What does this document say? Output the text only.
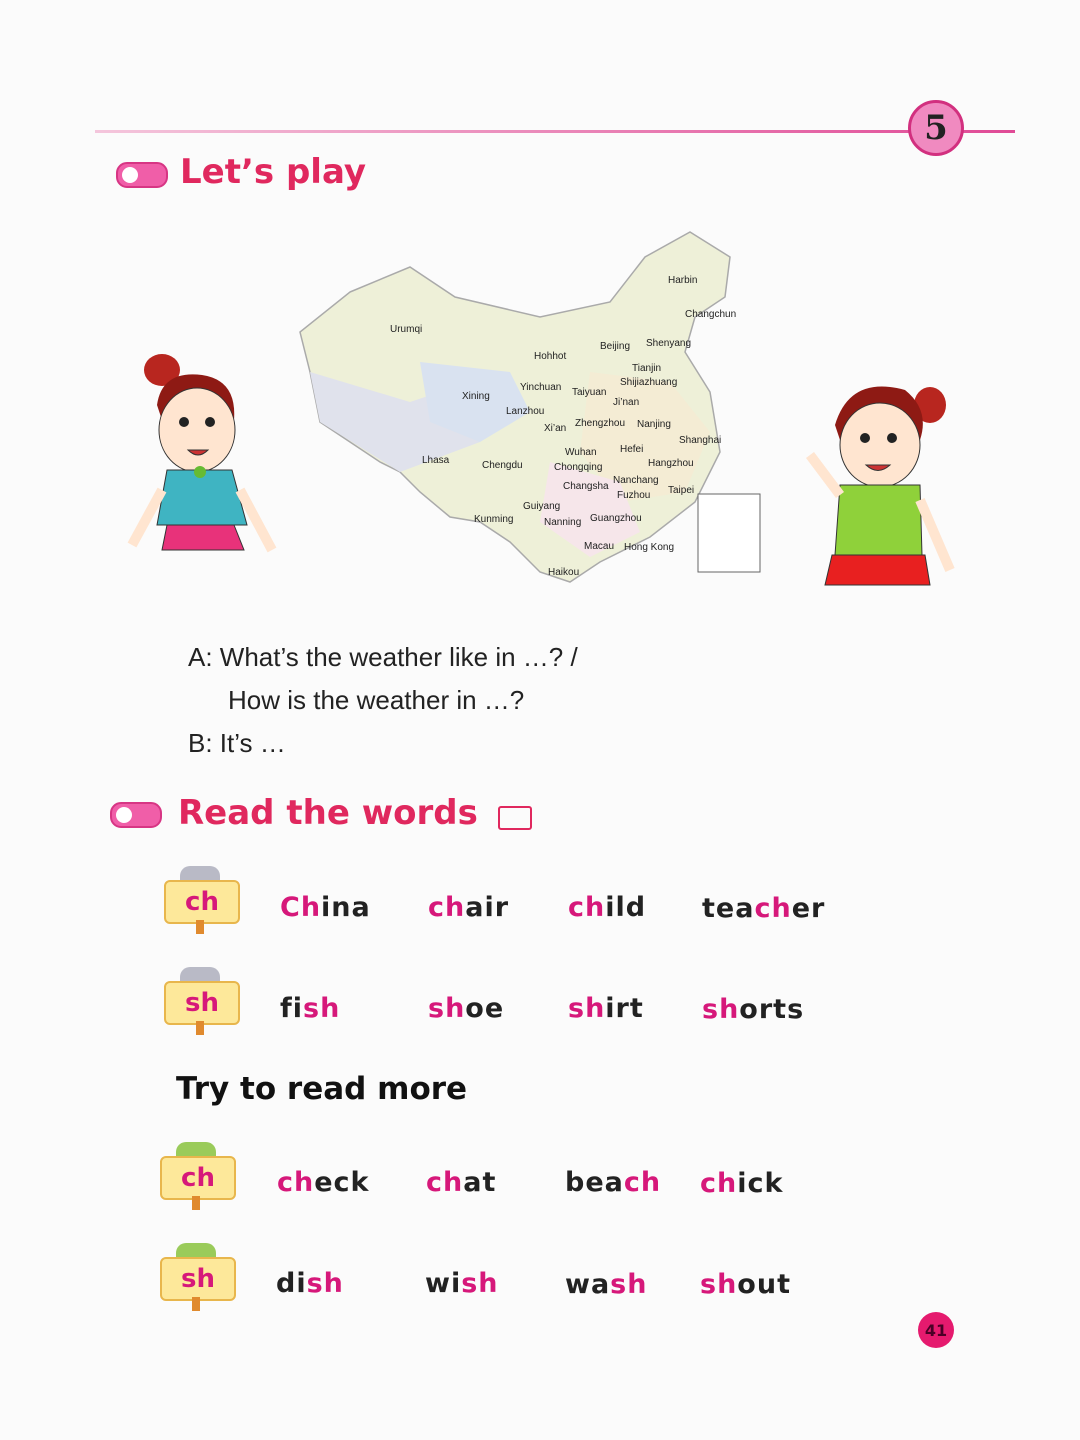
5
Let’s play
Harbin
Changchun
Urumqi
Beijing Shenyang
Hohhot
Tianjin
Shijiazhuang
Yinchuan Taiyuan
Xining
Ji’nan
Lanzhou
Xi’an Zhengzhou Nanjing
Shanghai
Hefei
Lhasa
Wuhan
Chengdu	Chongqing	Hangzhou
Nanchang
Changsha
Fuzhou Taipei
Guiyang
Kunming	Nanning Guangzhou
Macau Hong Kong
Haikou
A: What’s the weather like in …? /
How is the weather in …?
B: It’s …
Read the words
ch	China chair child teacher
sh	fish	shoe shirt shorts
Try to read more
ch	check chat	beach chick
sh	dish	wish wash shout
41
